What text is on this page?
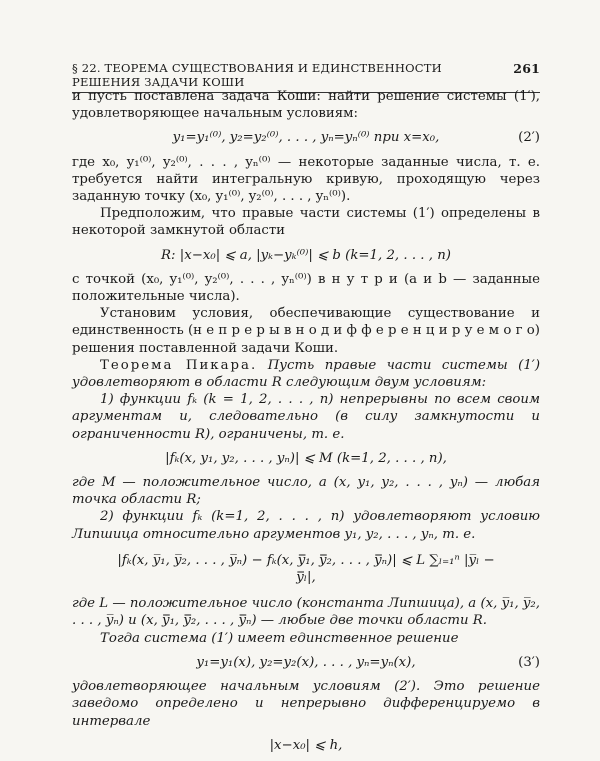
§ 22. ТЕОРЕМА СУЩЕСТВОВАНИЯ И ЕДИНСТВЕННОСТИ РЕШЕНИЯ ЗАДАЧИ КОШИ
261

и пусть поставлена задача Коши: найти решение системы (1′), удовлетворяющее начальным условиям:

y₁=y₁⁽⁰⁾, y₂=y₂⁽⁰⁾, . . . , yₙ=yₙ⁽⁰⁾ при x=x₀,	(2′)

где x₀, y₁⁽⁰⁾, y₂⁽⁰⁾, . . . , yₙ⁽⁰⁾ — некоторые заданные числа, т. е. требуется найти интегральную кривую, проходящую через заданную точку (x₀, y₁⁽⁰⁾, y₂⁽⁰⁾, . . . , yₙ⁽⁰⁾).

Предположим, что правые части системы (1′) определены в некоторой замкнутой области

R: |x−x₀| ⩽ a, |yₖ−yₖ⁽⁰⁾| ⩽ b (k=1, 2, . . . , n)

с точкой (x₀, y₁⁽⁰⁾, y₂⁽⁰⁾, . . . , yₙ⁽⁰⁾) в н у т р и (a и b — заданные положительные числа).

Установим условия, обеспечивающие существование и единственность (н е п р е р ы в н о д и ф ф е р е н ц и р у е м о г о) решения поставленной задачи Коши.

Теорема Пикара. Пусть правые части системы (1′) удовлетворяют в области R следующим двум условиям:

1) функции fₖ (k = 1, 2, . . . , n) непрерывны по всем своим аргументам и, следовательно (в силу замкнутости и ограниченности R), ограничены, т. е.

|fₖ(x, y₁, y₂, . . . , yₙ)| ⩽ M (k=1, 2, . . . , n),

где M — положительное число, а (x, y₁, y₂, . . . , yₙ) — любая точка области R;

2) функции fₖ (k=1, 2, . . . , n) удовлетворяют условию Липшица относительно аргументов y₁, y₂, . . . , yₙ, т. е.

|fₖ(x, y̅₁, y̅₂, . . . , y̅ₙ) − fₖ(x, y̿₁, y̿₂, . . . , y̿ₙ)| ⩽ L ∑ₗ₌₁ⁿ |y̅ₗ − y̿ₗ|,

где L — положительное число (константа Липшица), а (x, y̅₁, y̅₂, . . . , y̅ₙ) и (x, y̿₁, y̿₂, . . . , y̿ₙ) — любые две точки области R.

Тогда система (1′) имеет единственное решение

y₁=y₁(x), y₂=y₂(x), . . . , yₙ=yₙ(x),	(3′)

удовлетворяющее начальным условиям (2′). Это решение заведомо определено и непрерывно дифференцируемо в интервале

|x−x₀| ⩽ h,
